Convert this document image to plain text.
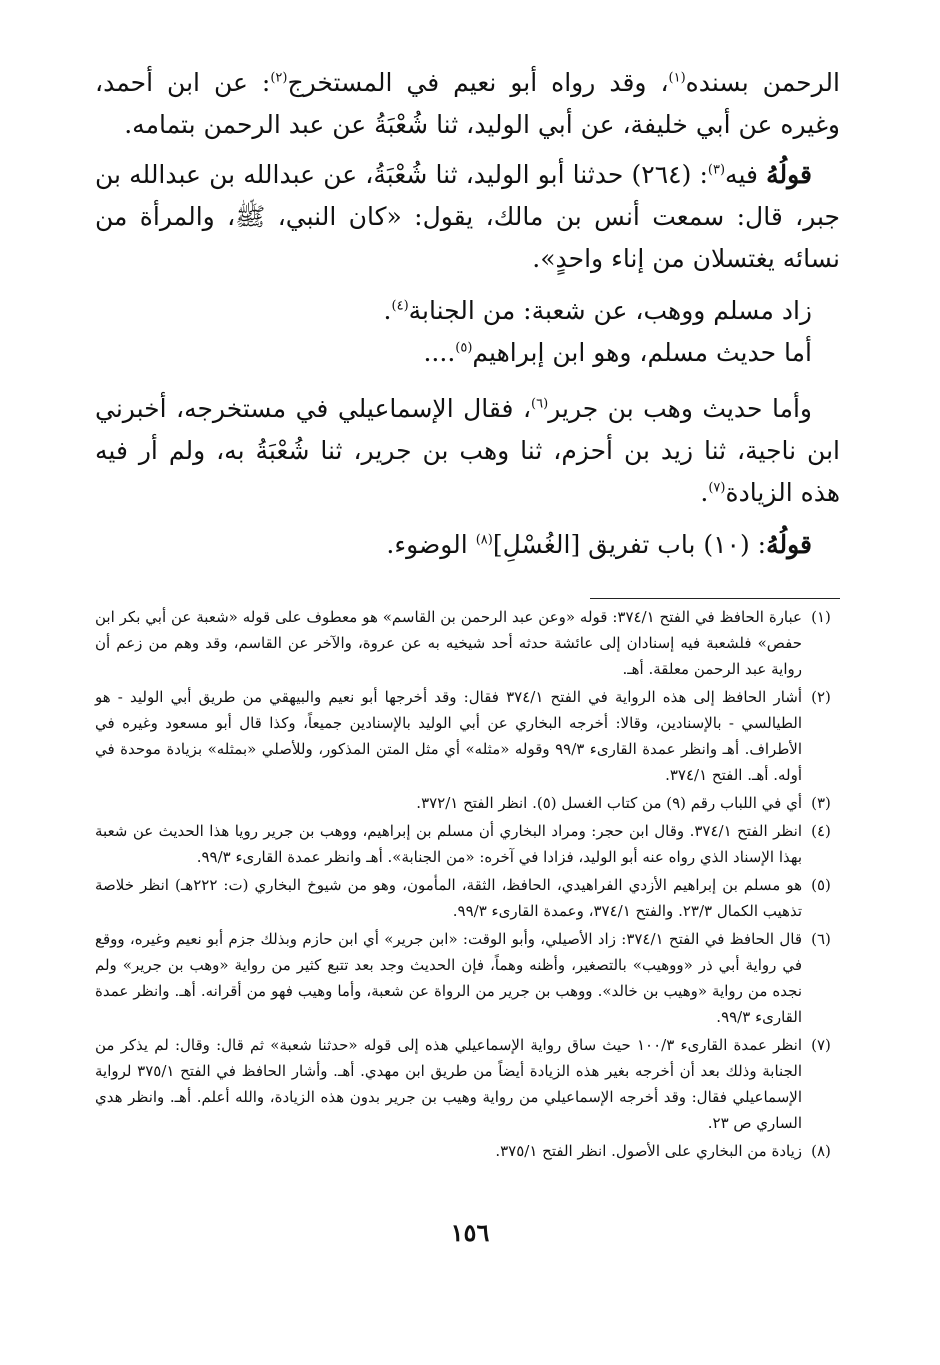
الرحمن بسنده$^{(١)}$، وقد رواه أبو نعيم في المستخرج$^{(٢)}$: عن ابن أحمد، وغيره عن أبي خليفة، عن أبي الوليد، ثنا شُعْبَةُ عن عبد الرحمن بتمامه.

قولُهُ فيه$^{(٣)}$: (٢٦٤) حدثنا أبو الوليد، ثنا شُعْبَةُ، عن عبدالله بن عبدالله بن جبر، قال: سمعت أنس بن مالك، يقول: «كان النبي، ﷺ، والمرأة من نسائه يغتسلان من إناء واحدٍ».

زاد مسلم ووهب، عن شعبة: من الجنابة$^{(٤)}$.

أما حديث مسلم، وهو ابن إبراهيم$^{(٥)}$....

وأما حديث وهب بن جرير$^{(٦)}$، فقال الإسماعيلي في مستخرجه، أخبرني ابن ناجية، ثنا زيد بن أحزم، ثنا وهب بن جرير، ثنا شُعْبَةُ به، ولم أر فيه هذه الزيادة$^{(٧)}$.

قولُهُ: (١٠) باب تفريق [الغُسْلِ]$^{(٨)}$ الوضوء.

(١)
عبارة الحافظ في الفتح ٣٧٤/١: قوله «وعن عبد الرحمن بن القاسم» هو معطوف على قوله «شعبة عن أبي بكر ابن حفص» فلشعبة فيه إسنادان إلى عائشة حدثه أحد شيخيه به عن عروة، والآخر عن القاسم، وقد وهم من زعم أن رواية عبد الرحمن معلقة. أهـ.
(٢)
أشار الحافظ إلى هذه الرواية في الفتح ٣٧٤/١ فقال: وقد أخرجها أبو نعيم والبيهقي من طريق أبي الوليد - هو الطيالسي - بالإسنادين، وقالا: أخرجه البخاري عن أبي الوليد بالإسنادين جميعاً، وكذا قال أبو مسعود وغيره في الأطراف. أهـ وانظر عمدة القارىء ٩٩/٣ وقوله «مثله» أي مثل المتن المذكور، وللأصلي «بمثله» بزيادة موحدة في أوله. أهـ. الفتح ٣٧٤/١.
(٣)
أي في اللباب رقم (٩) من كتاب الغسل (٥). انظر الفتح ٣٧٢/١.
(٤)
انظر الفتح ٣٧٤/١. وقال ابن حجر: ومراد البخاري أن مسلم بن إبراهيم، ووهب بن جرير رويا هذا الحديث عن شعبة بهذا الإسناد الذي رواه عنه أبو الوليد، فزادا في آخره: «من الجنابة». أهـ وانظر عمدة القارىء ٩٩/٣.
(٥)
هو مسلم بن إبراهيم الأزدي الفراهيدي، الحافظ، الثقة، المأمون، وهو من شيوخ البخاري (ت: ٢٢٢هـ) انظر خلاصة تذهيب الكمال ٢٣/٣. والفتح ٣٧٤/١، وعمدة القارىء ٩٩/٣.
(٦)
قال الحافظ في الفتح ٣٧٤/١: زاد الأصيلي، وأبو الوقت: «ابن جرير» أي ابن حازم وبذلك جزم أبو نعيم وغيره، ووقع في رواية أبي ذر «ووهيب» بالتصغير، وأظنه وهماً، فإن الحديث وجد بعد تتبع كثير من رواية «وهب بن جرير» ولم نجده من رواية «وهيب بن خالد». ووهب بن جرير من الرواة عن شعبة، وأما وهيب فهو من أقرانه. أهـ. وانظر عمدة القارىء ٩٩/٣.
(٧)
انظر عمدة القارىء ١٠٠/٣ حيث ساق رواية الإسماعيلي هذه إلى قوله «حدثنا شعبة» ثم قال: وقال: لم يذكر من الجنابة وذلك بعد أن أخرجه بغير هذه الزيادة أيضاً من طريق ابن مهدي. أهـ. وأشار الحافظ في الفتح ٣٧٥/١ لرواية الإسماعيلي فقال: وقد أخرجه الإسماعيلي من رواية وهيب بن جرير بدون هذه الزيادة، والله أعلم. أهـ. وانظر هدي الساري ص ٢٣.
(٨)
زيادة من البخاري على الأصول. انظر الفتح ٣٧٥/١.
١٥٦
